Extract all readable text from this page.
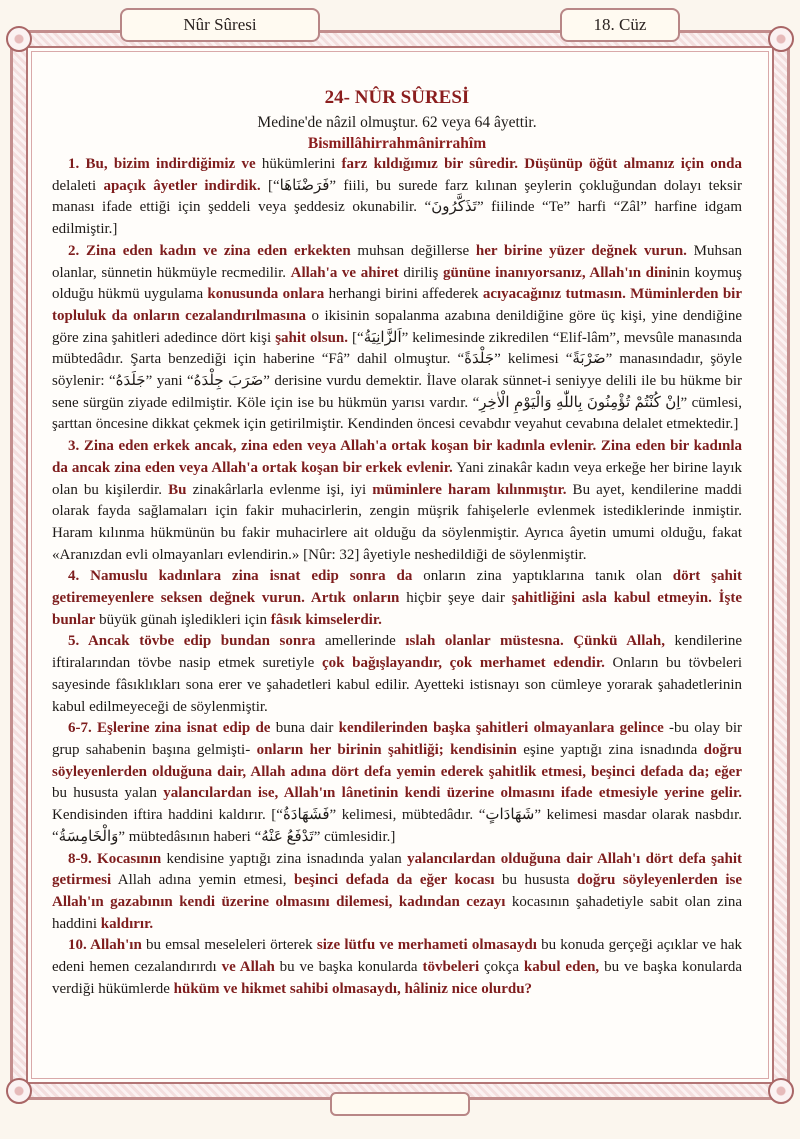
Nûr Sûresi	18. Cüz
24- NÛR SÛRESİ
Medine'de nâzil olmuştur. 62 veya 64 âyettir.
Bismillâhirrahmânirrahîm

1. Bu, bizim indirdiğimiz ve hükümlerini farz kıldığımız bir sûredir. Düşünüp öğüt almanız için onda delaleti apaçık âyetler indirdik. [“فَرَضْنَاهَا” fiili, bu surede farz kılınan şeylerin çokluğundan dolayı teksir manası ifade ettiği için şeddeli veya şeddesiz okunabilir. “تَذَكَّرُونَ” fiilinde “Te” harfi “Zâl” harfine idgam edilmiştir.]

2. Zina eden kadın ve zina eden erkekten muhsan değillerse her birine yüzer değnek vurun. Muhsan olanlar, sünnetin hükmüyle recmedilir. Allah'a ve ahiret diriliş gününe inanıyorsanız, Allah'ın dininin koymuş olduğu hükmü uygulama konusunda onlara herhangi birini affederek acıyacağınız tutmasın. Müminlerden bir topluluk da onların cezalandırılmasına o ikisinin sopalanma azabına denildiğine göre üç kişi, yine dendiğine göre zina şahitleri adedince dört kişi şahit olsun. [“اَلزَّانِيَةُ” kelimesinde zikredilen “Elif-lâm”, mevsûle manasında mübtedâdır. Şarta benzediği için haberine “Fâ” dahil olmuştur. “جَلْدَةً” kelimesi “ضَرْبَةً” manasındadır, şöyle söylenir: “جَلَدَهُ” yani “ضَرَبَ جِلْدَهُ” derisine vurdu demektir. İlave olarak sünnet-i seniyye delili ile bu hükme bir sene sürgün ziyade edilmiştir. Köle için ise bu hükmün yarısı vardır. “اِنْ كُنْتُمْ تُؤْمِنُونَ بِاللّٰهِ وَالْيَوْمِ الْاٰخِرِ” cümlesi, şarttan öncesine dikkat çekmek için getirilmiştir. Kendinden öncesi cevabdır veyahut cevabına delalet etmektedir.]

3. Zina eden erkek ancak, zina eden veya Allah'a ortak koşan bir kadınla evlenir. Zina eden bir kadınla da ancak zina eden veya Allah'a ortak koşan bir erkek evlenir. Yani zinakâr kadın veya erkeğe her birine layık olan bu kişilerdir. Bu zinakârlarla evlenme işi, iyi müminlere haram kılınmıştır. Bu ayet, kendilerine maddi olarak fayda sağlamaları için fakir muhacirlerin, zengin müşrik fahişelerle evlenmek istediklerinde inmiştir. Haram kılınma hükmünün bu fakir muhacirlere ait olduğu da söylenmiştir. Ayrıca âyetin umumi olduğu, fakat «Aranızdan evli olmayanları evlendirin.» [Nûr: 32] âyetiyle neshedildiği de söylenmiştir.

4. Namuslu kadınlara zina isnat edip sonra da onların zina yaptıklarına tanık olan dört şahit getiremeyenlere seksen değnek vurun. Artık onların hiçbir şeye dair şahitliğini asla kabul etmeyin. İşte bunlar büyük günah işledikleri için fâsık kimselerdir.

5. Ancak tövbe edip bundan sonra amellerinde ıslah olanlar müstesna. Çünkü Allah, kendilerine iftiralarından tövbe nasip etmek suretiyle çok bağışlayandır, çok merhamet edendir. Onların bu tövbeleri sayesinde fâsıklıkları sona erer ve şahadetleri kabul edilir. Ayetteki istisnayı son cümleye yorarak şahadetlerinin kabul edilmeyeceği de söylenmiştir.

6-7. Eşlerine zina isnat edip de buna dair kendilerinden başka şahitleri olmayanlara gelince -bu olay bir grup sahabenin başına gelmişti- onların her birinin şahitliği; kendisinin eşine yaptığı zina isnadında doğru söyleyenlerden olduğuna dair, Allah adına dört defa yemin ederek şahitlik etmesi, beşinci defada da; eğer bu hususta yalan yalancılardan ise, Allah'ın lânetinin kendi üzerine olmasını ifade etmesiyle yerine gelir. Kendisinden iftira haddini kaldırır. [“فَشَهَادَةُ” kelimesi, mübtedâdır. “شَهَادَاتٍ” kelimesi masdar olarak nasbdır. “وَالْخَامِسَةُ” mübtedâsının haberi “تَدْفَعُ عَنْهُ” cümlesidir.]

8-9. Kocasının kendisine yaptığı zina isnadında yalan yalancılardan olduğuna dair Allah'ı dört defa şahit getirmesi Allah adına yemin etmesi, beşinci defada da eğer kocası bu hususta doğru söyleyenlerden ise Allah'ın gazabının kendi üzerine olmasını dilemesi, kadından cezayı kocasının şahadetiyle sabit olan zina haddini kaldırır.

10. Allah'ın bu emsal meseleleri örterek size lütfu ve merhameti olmasaydı bu konuda gerçeği açıklar ve hak edeni hemen cezalandırırdı ve Allah bu ve başka konularda tövbeleri çokça kabul eden, bu ve başka konularda verdiği hükümlerde hüküm ve hikmet sahibi olmasaydı, hâliniz nice olurdu?
